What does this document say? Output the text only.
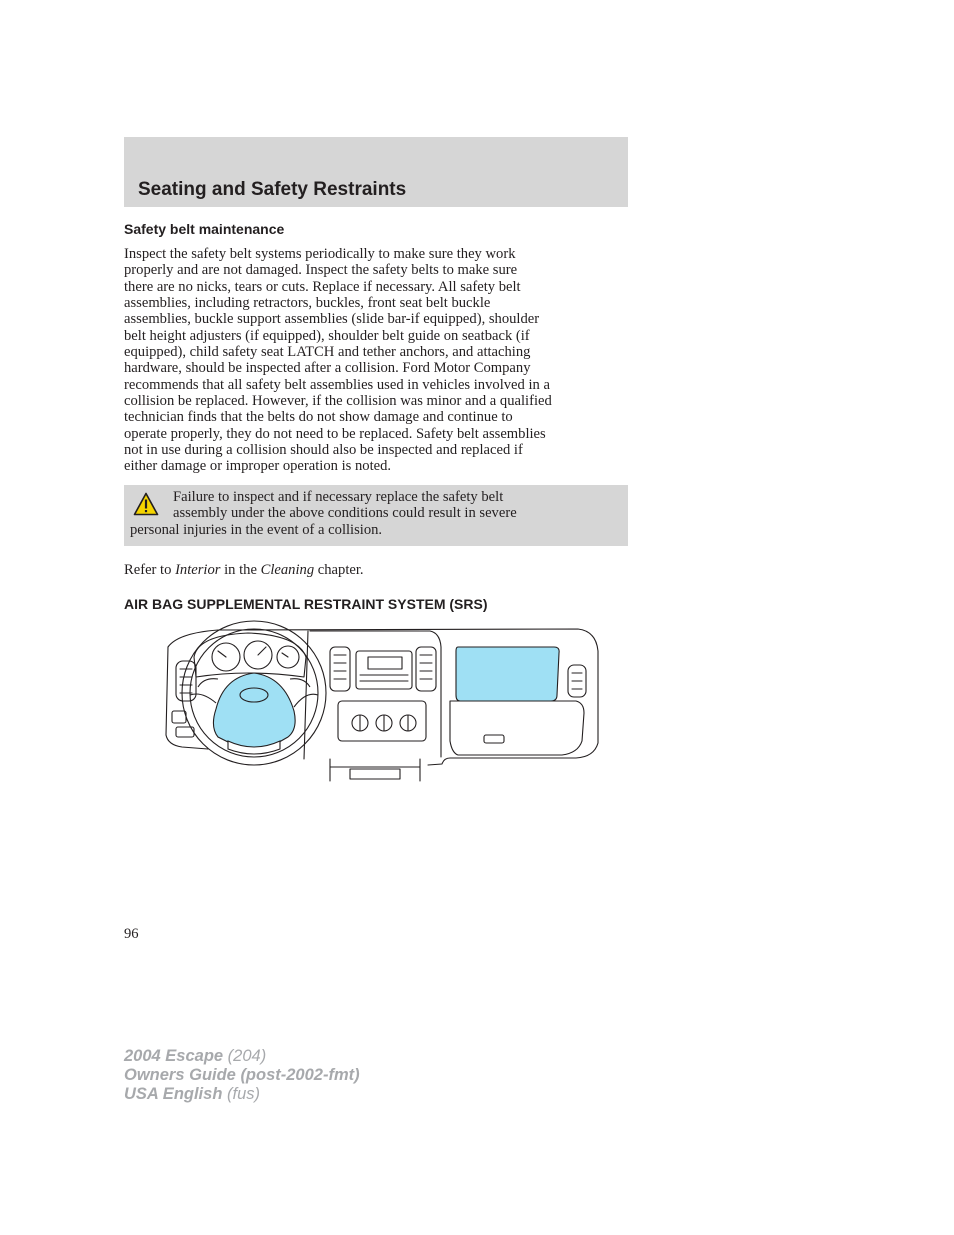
Seating and Safety Restraints
Safety belt maintenance
Inspect the safety belt systems periodically to make sure they work
properly and are not damaged. Inspect the safety belts to make sure
there are no nicks, tears or cuts. Replace if necessary. All safety belt
assemblies, including retractors, buckles, front seat belt buckle
assemblies, buckle support assemblies (slide bar-if equipped), shoulder
belt height adjusters (if equipped), shoulder belt guide on seatback (if
equipped), child safety seat LATCH and tether anchors, and attaching
hardware, should be inspected after a collision. Ford Motor Company
recommends that all safety belt assemblies used in vehicles involved in a
collision be replaced. However, if the collision was minor and a qualified
technician finds that the belts do not show damage and continue to
operate properly, they do not need to be replaced. Safety belt assemblies
not in use during a collision should also be inspected and replaced if
either damage or improper operation is noted.
Failure to inspect and if necessary replace the safety belt
assembly under the above conditions could result in severe
personal injuries in the event of a collision.
Refer to Interior in the Cleaning chapter.
AIR BAG SUPPLEMENTAL RESTRAINT SYSTEM (SRS)
96
2004 Escape (204)
Owners Guide (post-2002-fmt)
USA English (fus)
